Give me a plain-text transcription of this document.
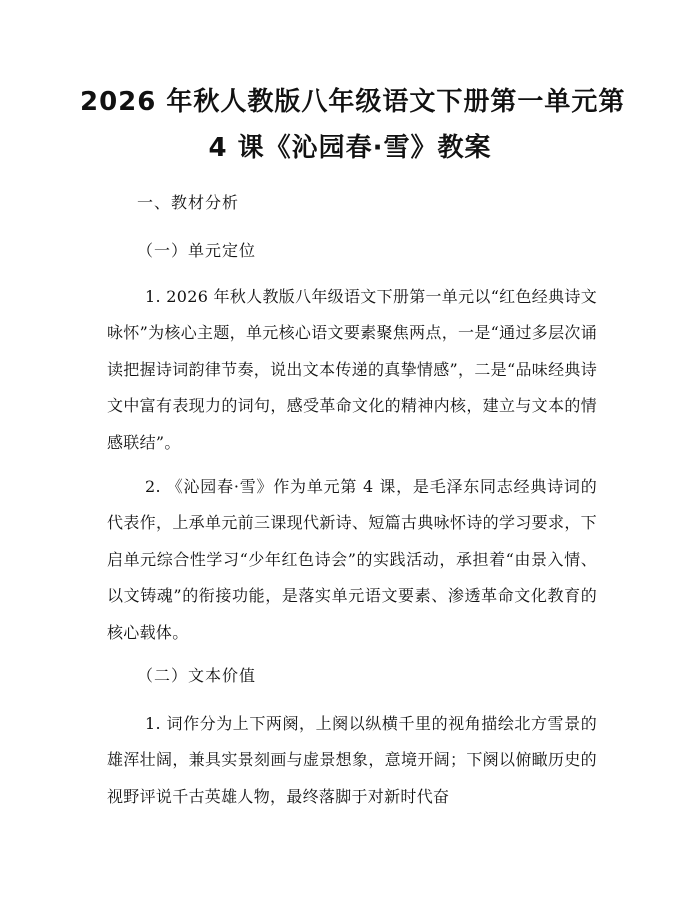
2026 年秋人教版八年级语文下册第一单元第
4 课《沁园春·雪》教案
一、教材分析
（一）单元定位
1. 2026 年秋人教版八年级语文下册第一单元以“红色经典诗文咏怀”为核心主题，单元核心语文要素聚焦两点，一是“通过多层次诵读把握诗词韵律节奏，说出文本传递的真挚情感”，二是“品味经典诗文中富有表现力的词句，感受革命文化的精神内核，建立与文本的情感联结”。
2. 《沁园春·雪》作为单元第 4 课，是毛泽东同志经典诗词的代表作，上承单元前三课现代新诗、短篇古典咏怀诗的学习要求，下启单元综合性学习“少年红色诗会”的实践活动，承担着“由景入情、以文铸魂”的衔接功能，是落实单元语文要素、渗透革命文化教育的核心载体。
（二）文本价值
1. 词作分为上下两阕，上阕以纵横千里的视角描绘北方雪景的雄浑壮阔，兼具实景刻画与虚景想象，意境开阔；下阕以俯瞰历史的视野评说千古英雄人物，最终落脚于对新时代奋
